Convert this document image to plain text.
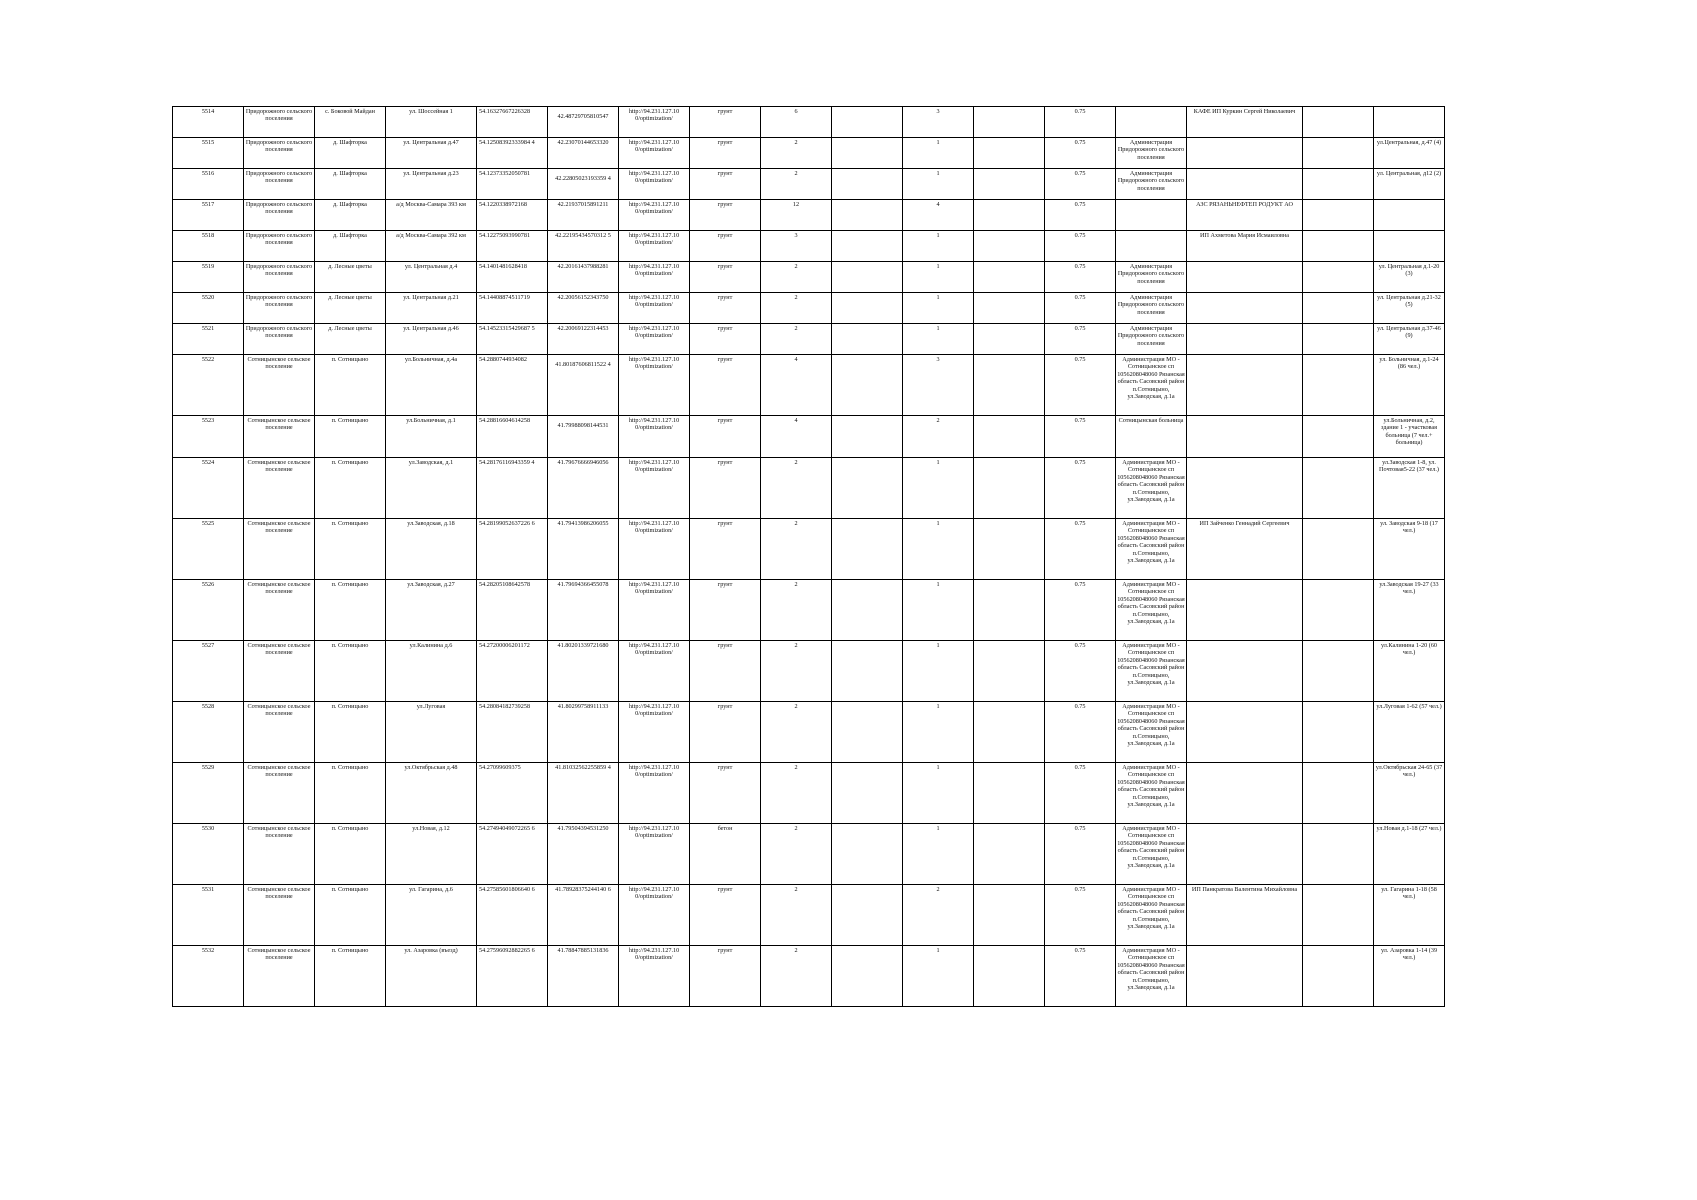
5514	Придорожного сельского поселения	с. Боковой Майдан	ул. Шоссейная 1	54.16327667226328	42.48729705810547	http://94.231.127.10 0/optimization/	грунт	6		3		0.75		КАФЕ ИП Куркин Сергей Николаевич		
5515	Придорожного сельского поселения	д. Шафторка	ул. Центральная д.47	54.12508392333984 4	42.23070144653320	http://94.231.127.10 0/optimization/	грунт	2		1		0.75	Администрация Придорожного сельского поселения			ул.Центральная, д.47 (4)
5516	Придорожного сельского поселения	д. Шафторка	ул. Центральная д.23	54.12373352050781	42.22805023193359 4	http://94.231.127.10 0/optimization/	грунт	2		1		0.75	Администрация Придорожного сельского поселения			ул. Центральная, д12 (2)
5517	Придорожного сельского поселения	д. Шафторка	а/д Москва-Самара 393 км	54.1220338972168	42.21937015891211	http://94.231.127.10 0/optimization/	грунт	12		4		0.75		АЗС РЯЗАНЬНЕФТЕП РОДУКТ АО		
5518	Придорожного сельского поселения	д. Шафторка	а/д Москва-Самара 392 км	54.12275093990781	42.22195434570312 5	http://94.231.127.10 0/optimization/	грунт	3		1		0.75		ИП Ахметова Мария Исмаиловна		
5519	Придорожного сельского поселения	д. Лесные цветы	ул. Центральная д.4	54.1401481628418	42.20161437988281	http://94.231.127.10 0/optimization/	грунт	2		1		0.75	Администрация Придорожного сельского поселения			ул. Центральная д.1-20 (3)
5520	Придорожного сельского поселения	д. Лесные цветы	ул. Центральная д.21	54.14408874511719	42.20056152343750	http://94.231.127.10 0/optimization/	грунт	2		1		0.75	Администрация Придорожного сельского поселения			ул. Центральная д.21-32 (5)
5521	Придорожного сельского поселения	д. Лесные цветы	ул. Центральная д.46	54.14523315429687 5	42.20069122314453	http://94.231.127.10 0/optimization/	грунт	2		1		0.75	Администрация Придорожного сельского поселения			ул. Центральная д.37-46 (9)
5522	Сотницынское сельское поселение	п. Сотницыно	ул.Больничная, д.4а	54.2880744934082	41.80187606811522 4	http://94.231.127.10 0/optimization/	грунт	4		3		0.75	Администрация МО - Сотницынское сп 1056208048060 Рязанская область Сасовский район п.Сотницыно, ул.Заводская, д.1а			ул. Больничная, д.1-24 (86 чел.)
5523	Сотницынское сельское поселение	п. Сотницыно	ул.Больничная, д.1	54.28816604614258	41.79988098144531	http://94.231.127.10 0/optimization/	грунт	4		2		0.75	Сотницынская больница			ул.Больничная, д.2, здание 1 - участковая больница (7 чел.+ больница)
5524	Сотницынское сельское поселение	п. Сотницыно	ул.Заводская, д.1	54.28176116943359 4	41.79676666946056	http://94.231.127.10 0/optimization/	грунт	2		1		0.75	Администрация МО - Сотницынское сп 1056208048060 Рязанская область Сасовский район п.Сотницыно, ул.Заводская, д.1а			ул.Заводская 1-8, ул. Почтовая5-22 (37 чел.)
5525	Сотницынское сельское поселение	п. Сотницыно	ул.Заводская, д.18	54.28199052637226 6	41.79413986206055	http://94.231.127.10 0/optimization/	грунт	2		1		0.75	Администрация МО - Сотницынское сп 1056208048060 Рязанская область Сасовский район п.Сотницыно, ул.Заводская, д.1а	ИП Зайченко Геннадий Сергеевич		ул. Заводская 9-18 (17 чел.)
5526	Сотницынское сельское поселение	п. Сотницыно	ул.Заводская, д.27	54.28205108642578	41.79694366455078	http://94.231.127.10 0/optimization/	грунт	2		1		0.75	Администрация МО - Сотницынское сп 1056208048060 Рязанская область Сасовский район п.Сотницыно, ул.Заводская, д.1а			ул.Заводская 19-27 (33 чел.)
5527	Сотницынское сельское поселение	п. Сотницыно	ул.Калинина д.6	54.27200006201172	41.80201339721680	http://94.231.127.10 0/optimization/	грунт	2		1		0.75	Администрация МО - Сотницынское сп 1056208048060 Рязанская область Сасовский район п.Сотницыно, ул.Заводская, д.1а			ул.Калинина 1-20 (60 чел.)
5528	Сотницынское сельское поселение	п. Сотницыно	ул.Луговая	54.28084182739258	41.80299758911133	http://94.231.127.10 0/optimization/	грунт	2		1		0.75	Администрация МО - Сотницынское сп 1056208048060 Рязанская область Сасовский район п.Сотницыно, ул.Заводская, д.1а			ул.Луговая 1-62 (57 чел.)
5529	Сотницынское сельское поселение	п. Сотницыно	ул.Октябрьская д.48	54.27099609375	41.81032562255859 4	http://94.231.127.10 0/optimization/	грунт	2		1		0.75	Администрация МО - Сотницынское сп 1056208048060 Рязанская область Сасовский район п.Сотницыно, ул.Заводская, д.1а			ул.Октябрьская 24-65 (37 чел.)
5530	Сотницынское сельское поселение	п. Сотницыно	ул.Новая, д.12	54.27494049072265 6	41.79504394531250	http://94.231.127.10 0/optimization/	бетон	2		1		0.75	Администрация МО - Сотницынское сп 1056208048060 Рязанская область Сасовский район п.Сотницыно, ул.Заводская, д.1а			ул.Новая д.1-18 (27 чел.)
5531	Сотницынское сельское поселение	п. Сотницыно	ул. Гагарина, д.6	54.27585601806640 6	41.78928375244140 6	http://94.231.127.10 0/optimization/	грунт	2		2		0.75	Администрация МО - Сотницынское сп 1056208048060 Рязанская область Сасовский район п.Сотницыно, ул.Заводская, д.1а	ИП Панкратова Валентина Михайловна		ул. Гагарина 1-18 (58 чел.)
5532	Сотницынское сельское поселение	п. Сотницыно	ул. Азаровка (въезд)	54.27596092882265 6	41.78847885131836	http://94.231.127.10 0/optimization/	грунт	2		1		0.75	Администрация МО - Сотницынское сп 1056208048060 Рязанская область Сасовский район п.Сотницыно, ул.Заводская, д.1а			ул. Азаровка 1-14 (39 чел.)
